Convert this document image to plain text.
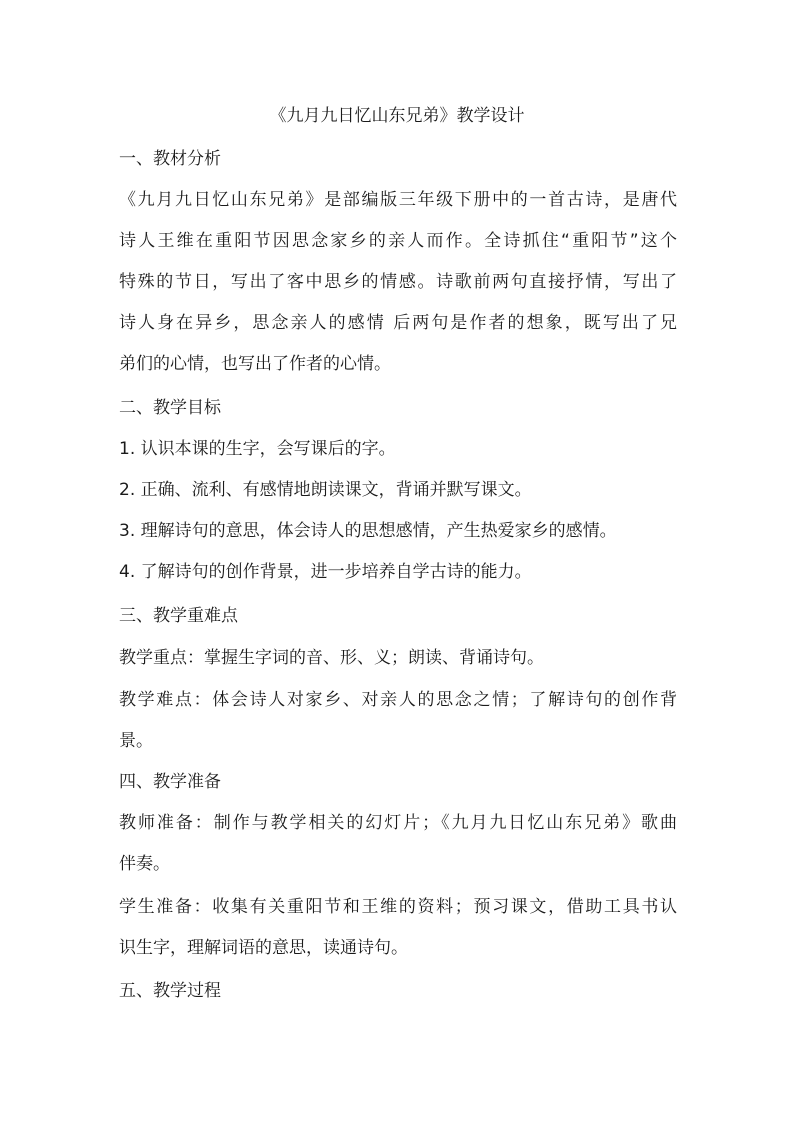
《九月九日忆山东兄弟》教学设计
一、教材分析
《九月九日忆山东兄弟》是部编版三年级下册中的一首古诗，是唐代
诗人王维在重阳节因思念家乡的亲人而作。全诗抓住“重阳节”这个
特殊的节日，写出了客中思乡的情感。诗歌前两句直接抒情，写出了
诗人身在异乡，思念亲人的感情 后两句是作者的想象，既写出了兄
弟们的心情，也写出了作者的心情。
二、教学目标
1. 认识本课的生字，会写课后的字。
2. 正确、流利、有感情地朗读课文，背诵并默写课文。
3. 理解诗句的意思，体会诗人的思想感情，产生热爱家乡的感情。
4. 了解诗句的创作背景，进一步培养自学古诗的能力。
三、教学重难点
教学重点：掌握生字词的音、形、义；朗读、背诵诗句。
教学难点：体会诗人对家乡、对亲人的思念之情；了解诗句的创作背
景。
四、教学准备
教师准备：制作与教学相关的幻灯片；《九月九日忆山东兄弟》歌曲
伴奏。
学生准备：收集有关重阳节和王维的资料；预习课文，借助工具书认
识生字，理解词语的意思，读通诗句。
五、教学过程
